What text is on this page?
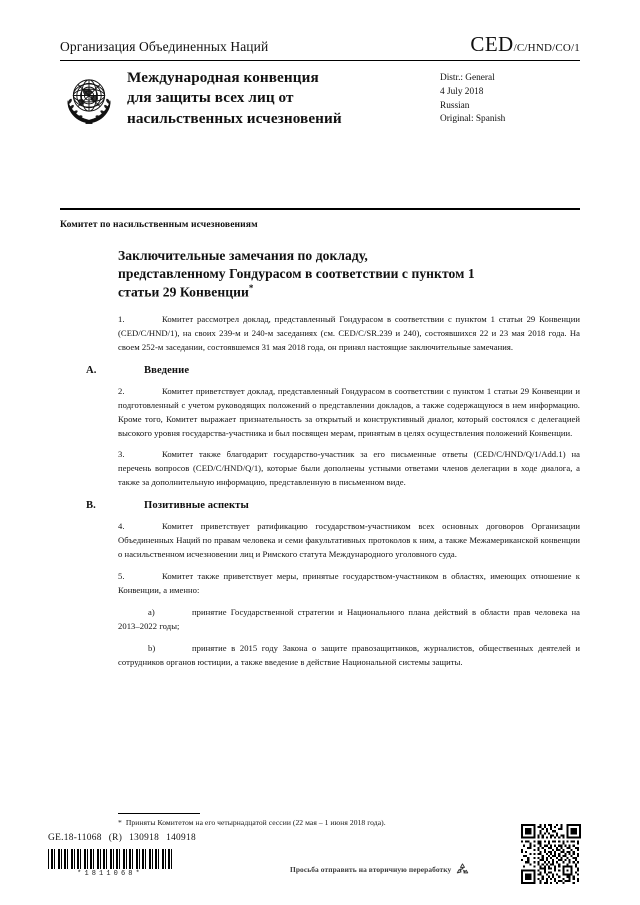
Организация Объединенных Наций	CED/C/HND/CO/1
Международная конвенция
для защиты всех лиц от
насильственных исчезновений
Distr.: General
4 July 2018
Russian
Original: Spanish
Комитет по насильственным исчезновениям
Заключительные замечания по докладу,
представленному Гондурасом в соответствии с пунктом 1
статьи 29 Конвенции*

1.	Комитет рассмотрел доклад, представленный Гондурасом в соответствии с пунктом 1 статьи 29 Конвенции (CED/C/HND/1), на своих 239-м и 240-м заседаниях (см. CED/C/SR.239 и 240), состоявшихся 22 и 23 мая 2018 года. На своем 252-м заседании, состоявшемся 31 мая 2018 года, он принял настоящие заключительные замечания.

A.	Введение

2.	Комитет приветствует доклад, представленный Гондурасом в соответствии с пунктом 1 статьи 29 Конвенции и подготовленный с учетом руководящих положений о представлении докладов, а также содержащуюся в нем информацию. Кроме того, Комитет выражает признательность за открытый и конструктивный диалог, который состоялся с делегацией высокого уровня государства-участника и был посвящен мерам, принятым в целях осуществления положений Конвенции.

3.	Комитет также благодарит государство-участник за его письменные ответы (CED/C/HND/Q/1/Add.1) на перечень вопросов (CED/C/HND/Q/1), которые были дополнены устными ответами членов делегации в ходе диалога, а также за дополнительную информацию, представленную в письменном виде.

B.	Позитивные аспекты

4.	Комитет приветствует ратификацию государством-участником всех основных договоров Организации Объединенных Наций по правам человека и семи факультативных протоколов к ним, а также Межамериканской конвенции о насильственном исчезновении лиц и Римского статута Международного уголовного суда.

5.	Комитет также приветствует меры, принятые государством-участником в областях, имеющих отношение к Конвенции, а именно:

a)	принятие Государственной стратегии и Национального плана действий в области прав человека на 2013–2022 годы;

b)	принятие в 2015 году Закона о защите правозащитников, журналистов, общественных деятелей и сотрудников органов юстиции, а также введение в действие Национальной системы защиты.

* Приняты Комитетом на его четырнадцатой сессии (22 мая – 1 июня 2018 года).
GE.18-11068 (R) 130918 140918
*1811068*	Просьба отправить на вторичную переработку
